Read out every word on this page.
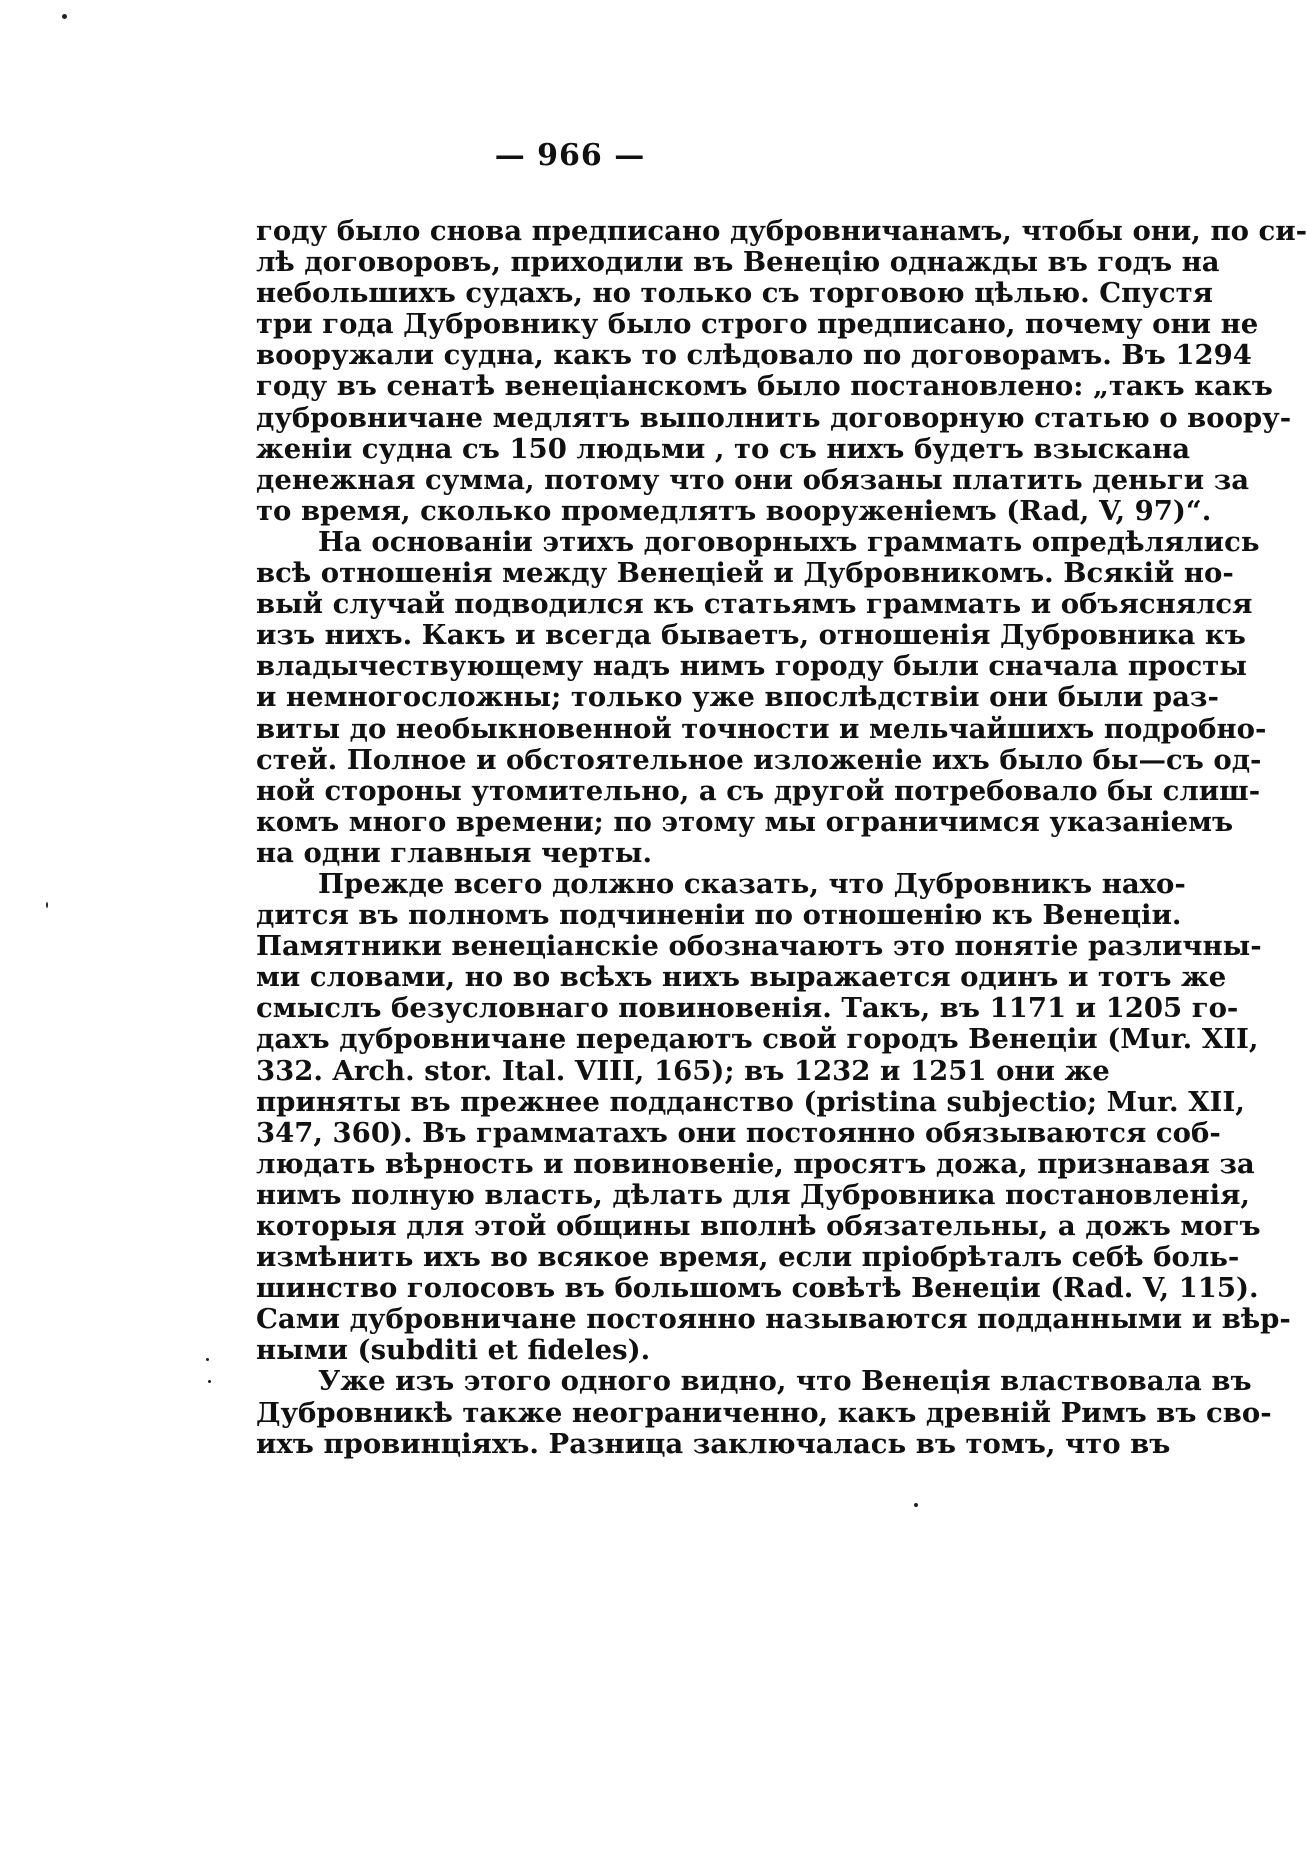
— 966 —
году было снова предписано дубровничанамъ, чтобы они, по си-
лѣ договоровъ, приходили въ Венецію однажды въ годъ на
небольшихъ судахъ, но только съ торговою цѣлью. Спустя
три года Дубровнику было строго предписано, почему они не
вооружали судна, какъ то слѣдовало по договорамъ. Въ 1294
году въ сенатѣ венеціанскомъ было постановлено: „такъ какъ
дубровничане медлятъ выполнить договорную статью о воору-
женіи судна съ 150 людьми , то съ нихъ будетъ взыскана
денежная сумма, потому что они обязаны платить деньги за
то время, сколько промедлятъ вооруженіемъ (Rad, V, 97)“.
На основаніи этихъ договорныхъ граммать опредѣлялись
всѣ отношенія между Венеціей и Дубровникомъ. Всякій но-
вый случай подводился къ статьямъ граммать и объяснялся
изъ нихъ. Какъ и всегда бываетъ, отношенія Дубровника къ
владычествующему надъ нимъ городу были сначала просты
и немногосложны; только уже впослѣдствіи они были раз-
виты до необыкновенной точности и мельчайшихъ подробно-
стей. Полное и обстоятельное изложеніе ихъ было бы—съ од-
ной стороны утомительно, а съ другой потребовало бы слиш-
комъ много времени; по этому мы ограничимся указаніемъ
на одни главныя черты.
Прежде всего должно сказать, что Дубровникъ нахо-
дится въ полномъ подчиненіи по отношенію къ Венеціи.
Памятники венеціанскіе обозначаютъ это понятіе различны-
ми словами, но во всѣхъ нихъ выражается одинъ и тотъ же
смыслъ безусловнаго повиновенія. Такъ, въ 1171 и 1205 го-
дахъ дубровничане передаютъ свой городъ Венеціи (Mur. XII,
332. Arch. stor. Ital. VIII, 165); въ 1232 и 1251 они же
приняты въ прежнее подданство (pristina subjectio; Mur. XII,
347, 360). Въ грамматахъ они постоянно обязываются соб-
людать вѣрность и повиновеніе, просятъ дожа, признавая за
нимъ полную власть, дѣлать для Дубровника постановленія,
которыя для этой общины вполнѣ обязательны, а дожъ могъ
измѣнить ихъ во всякое время, если пріобрѣталъ себѣ боль-
шинство голосовъ въ большомъ совѣтѣ Венеціи (Rad. V, 115).
Сами дубровничане постоянно называются подданными и вѣр-
ными (subditi et fideles).
Уже изъ этого одного видно, что Венеція властвовала въ
Дубровникѣ также неограниченно, какъ древній Римъ въ сво-
ихъ провинціяхъ. Разница заключалась въ томъ, что въ
